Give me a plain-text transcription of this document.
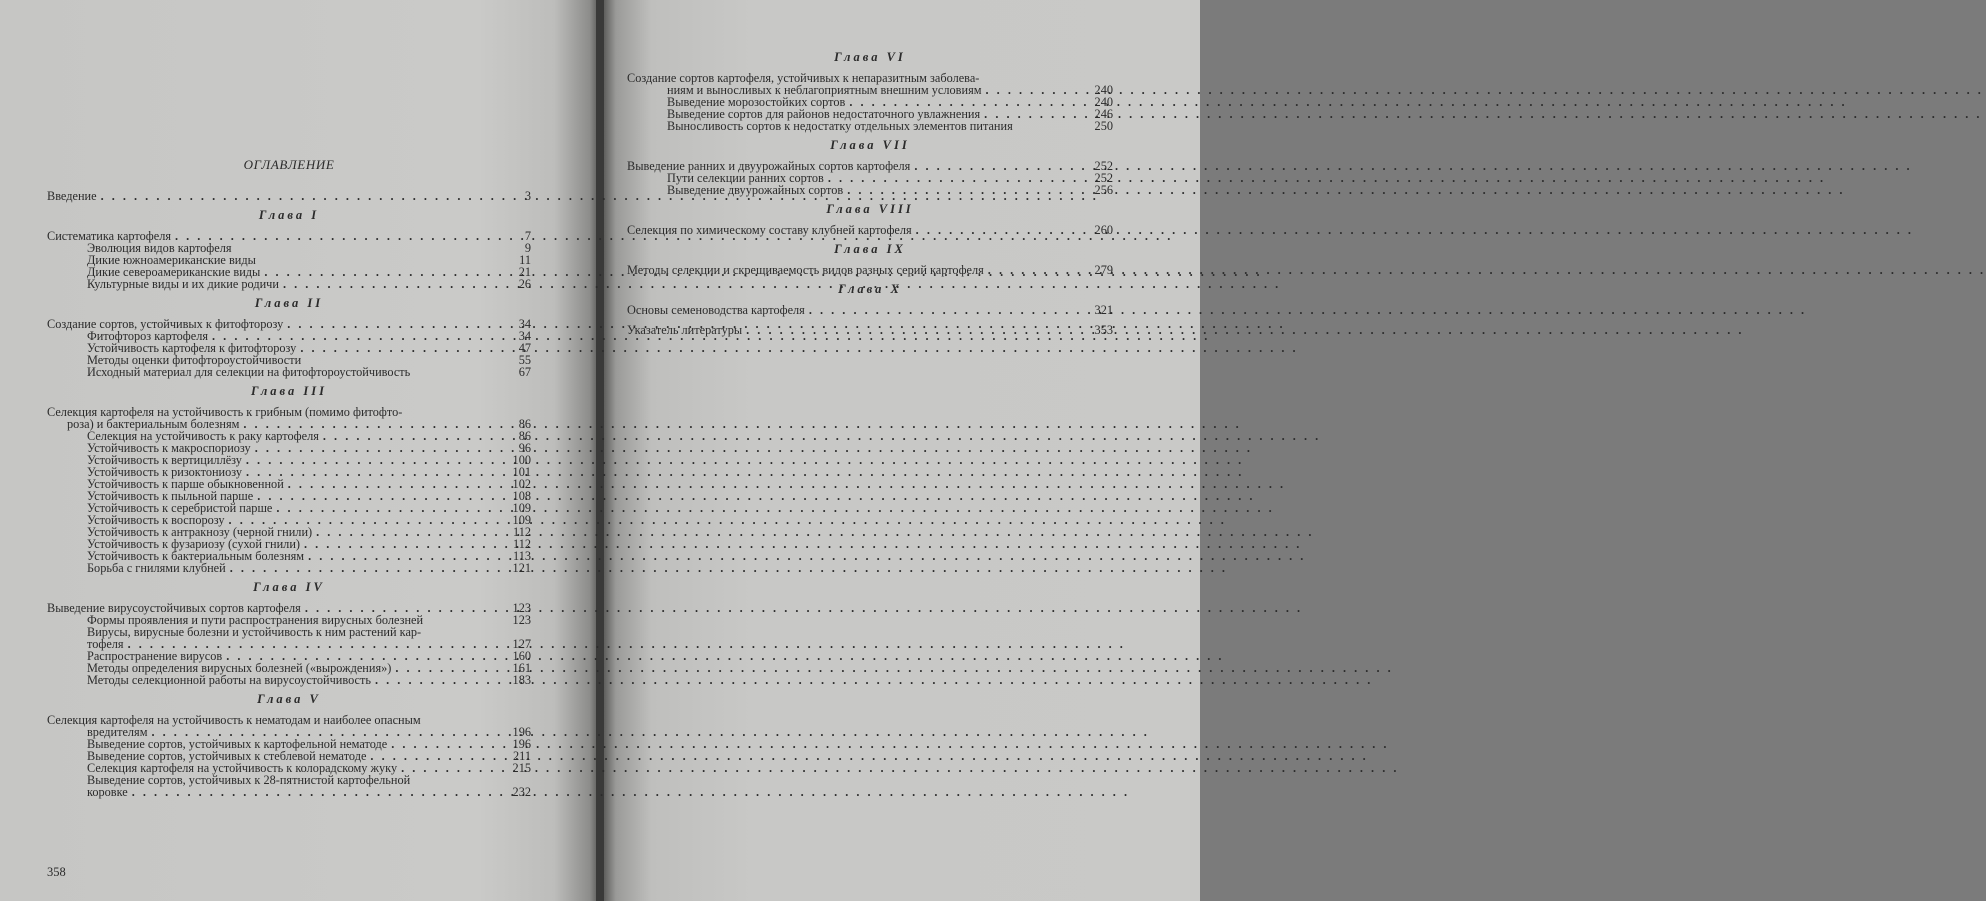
ОГЛАВЛЕНИЕ
Введение . . .	3
Глава I
Систематика картофеля . . .	7
Эволюция видов картофеля	9
Дикие южноамериканские виды	11
Дикие североамериканские виды . . .	21
Культурные виды и их дикие родичи . . .	26
Глава II
Создание сортов, устойчивых к фитофторозу . . .	34
Фитофтороз картофеля . . .	34
Устойчивость картофеля к фитофторозу . . .	47
Методы оценки фитофтороустойчивости	55
Исходный материал для селекции на фитофтороустойчивость	67
Глава III
Селекция картофеля на устойчивость к грибным (помимо фитофто-
роза) и бактериальным болезням . . .	86
Селекция на устойчивость к раку картофеля . . .	86
Устойчивость к макроспориозу . . .	96
Устойчивость к вертициллёзу . . .	100
Устойчивость к ризоктониозу . . .	101
Устойчивость к парше обыкновенной . . .	102
Устойчивость к пыльной парше . . .	108
Устойчивость к серебристой парше . . .	109
Устойчивость к воспорозу . . .	109
Устойчивость к антракнозу (черной гнили) . . .	112
Устойчивость к фузариозу (сухой гнили) . . .	112
Устойчивость к бактериальным болезням . . .	113
Борьба с гнилями клубней . . .	121
Глава IV
Выведение вирусоустойчивых сортов картофеля . . .	123
Формы проявления и пути распространения вирусных болезней	123
Вирусы, вирусные болезни и устойчивость к ним растений кар-
тофеля . . .	127
Распространение вирусов . . .	160
Методы определения вирусных болезней («вырождения») . . .	161
Методы селекционной работы на вирусоустойчивость . . .	183
Глава V
Селекция картофеля на устойчивость к нематодам и наиболее опасным
вредителям . . .	196
Выведение сортов, устойчивых к картофельной нематоде . . .	196
Выведение сортов, устойчивых к стеблевой нематоде . . .	211
Селекция картофеля на устойчивость к колорадскому жуку . . .	215
Выведение сортов, устойчивых к 28-пятнистой картофельной
коровке . . .	232
358
Глава VI
Создание сортов картофеля, устойчивых к непаразитным заболева-
ниям и выносливых к неблагоприятным внешним условиям . . .	240
Выведение морозостойких сортов . . .	240
Выведение сортов для районов недостаточного увлажнения . . .	246
Выносливость сортов к недостатку отдельных элементов питания	250
Глава VII
Выведение ранних и двуурожайных сортов картофеля . . .	252
Пути селекции ранних сортов . . .	252
Выведение двуурожайных сортов . . .	256
Глава VIII
Селекция по химическому составу клубней картофеля . . .	260
Глава IX
Методы селекции и скрещиваемость видов разных серий картофеля . . .	279
Глава X
Основы семеноводства картофеля . . .	321
Указатель литературы . . .	353
